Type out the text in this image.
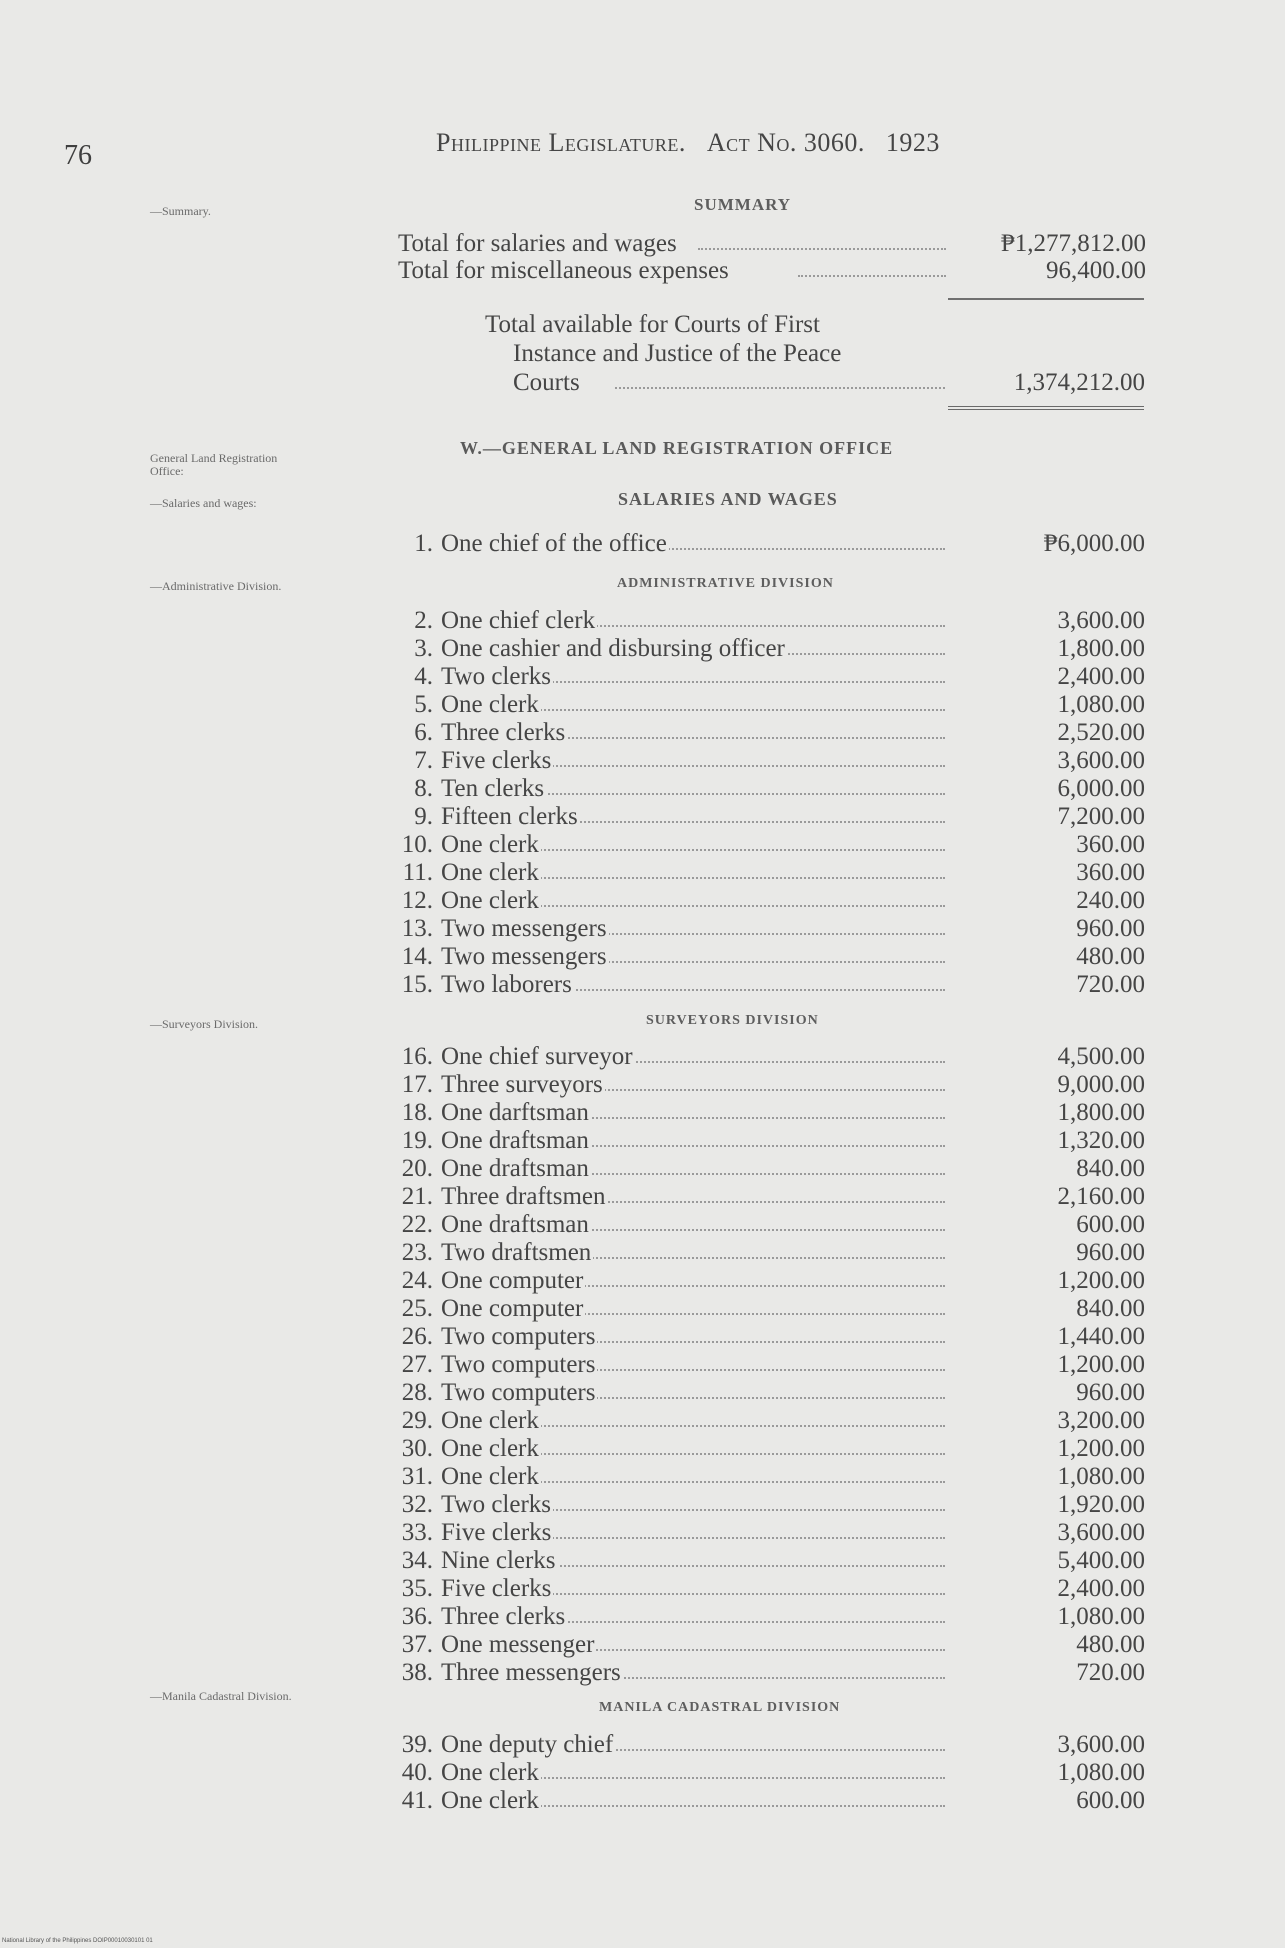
76	Philippine Legislature. Act No. 3060. 1923
—Summary.
General Land Registration Office:
—Salaries and wages:
—Administrative Division.
—Surveyors Division.
—Manila Cadastral Division.
SUMMARY
Total for salaries and wages	₱1,277,812.00
Total for miscellaneous expenses	96,400.00
Total available for Courts of First
Instance and Justice of the Peace
Courts	1,374,212.00
W.—GENERAL LAND REGISTRATION OFFICE
SALARIES AND WAGES
ADMINISTRATIVE DIVISION
SURVEYORS DIVISION
MANILA CADASTRAL DIVISION
1. One chief of the office	₱6,000.00
2. One chief clerk	3,600.00
3. One cashier and disbursing officer	1,800.00
4. Two clerks	2,400.00
5. One clerk	1,080.00
6. Three clerks	2,520.00
7. Five clerks	3,600.00
8. Ten clerks	6,000.00
9. Fifteen clerks	7,200.00
10. One clerk	360.00
11. One clerk	360.00
12. One clerk	240.00
13. Two messengers	960.00
14. Two messengers	480.00
15. Two laborers	720.00
16. One chief surveyor	4,500.00
17. Three surveyors	9,000.00
18. One darftsman	1,800.00
19. One draftsman	1,320.00
20. One draftsman	840.00
21. Three draftsmen	2,160.00
22. One draftsman	600.00
23. Two draftsmen	960.00
24. One computer	1,200.00
25. One computer	840.00
26. Two computers	1,440.00
27. Two computers	1,200.00
28. Two computers	960.00
29. One clerk	3,200.00
30. One clerk	1,200.00
31. One clerk	1,080.00
32. Two clerks	1,920.00
33. Five clerks	3,600.00
34. Nine clerks	5,400.00
35. Five clerks	2,400.00
36. Three clerks	1,080.00
37. One messenger	480.00
38. Three messengers	720.00
39. One deputy chief	3,600.00
40. One clerk	1,080.00
41. One clerk	600.00
National Library of the Philippines DOIP00010030101 01
